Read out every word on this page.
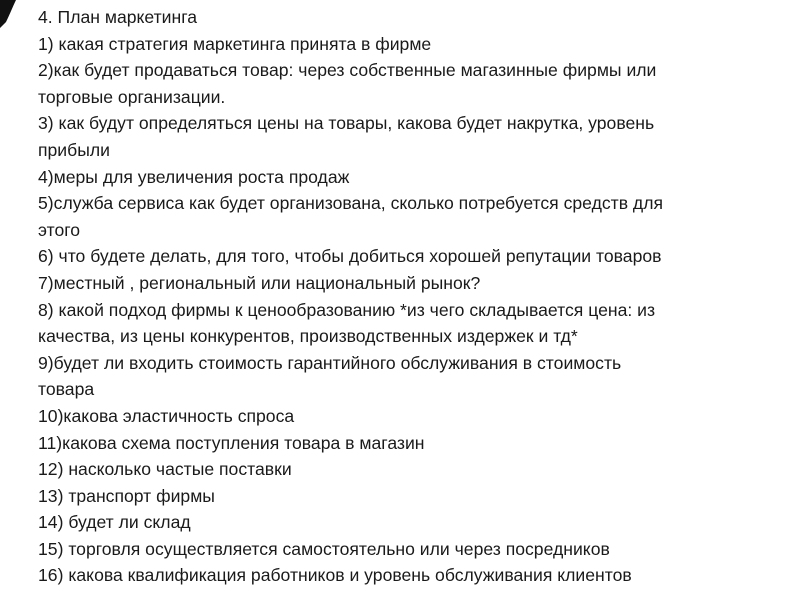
4. План маркетинга
1) какая стратегия маркетинга принята в фирме
2)как будет продаваться товар: через собственные магазинные фирмы или
торговые организации.
3) как будут определяться цены на товары, какова будет накрутка, уровень
прибыли
4)меры для увеличения роста продаж
5)служба сервиса как будет организована, сколько потребуется средств для
этого
6) что будете делать, для того, чтобы добиться хорошей репутации товаров
7)местный , региональный или национальный рынок?
8) какой подход фирмы к ценообразованию *из чего складывается цена: из
качества, из цены конкурентов, производственных издержек и тд*
9)будет ли входить стоимость гарантийного обслуживания в стоимость
товара
10)какова эластичность спроса
11)какова схема поступления товара в магазин
12) насколько частые поставки
13) транспорт фирмы
14) будет ли склад
15) торговля осуществляется самостоятельно или через посредников
16) какова квалификация работников и уровень обслуживания клиентов
